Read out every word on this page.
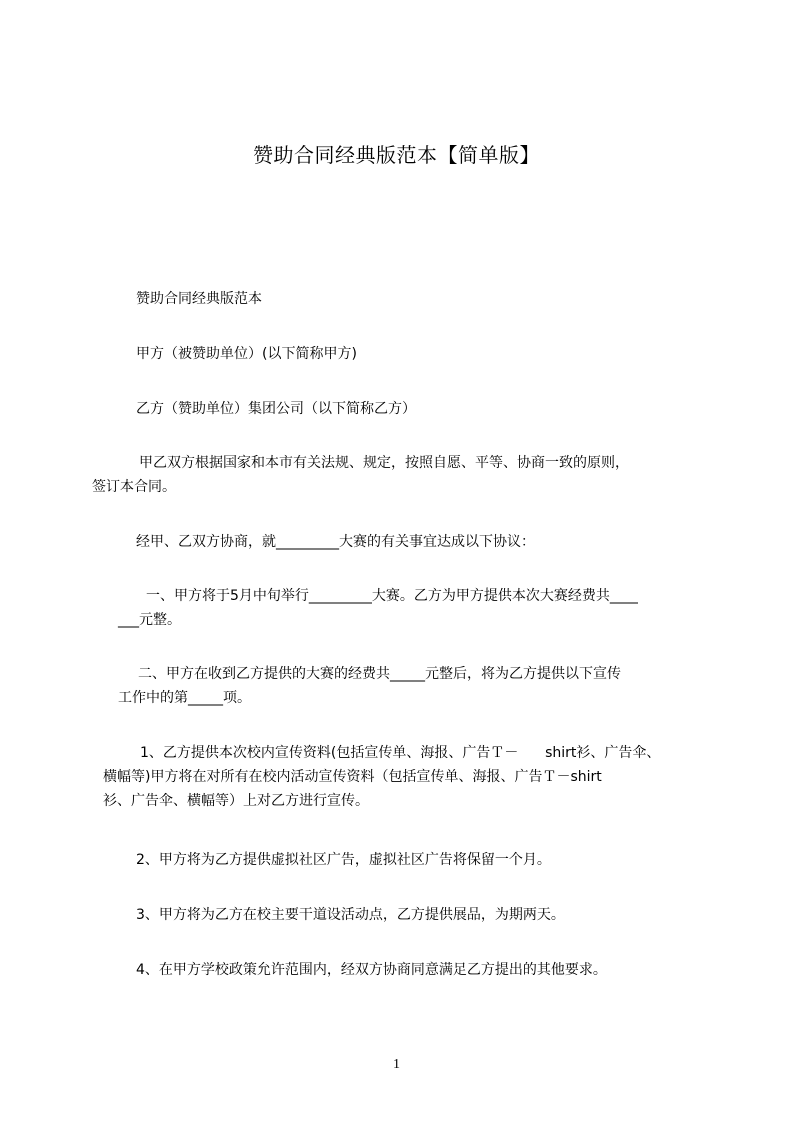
赞助合同经典版范本【简单版】
赞助合同经典版范本
甲方（被赞助单位）(以下简称甲方)
乙方（赞助单位）集团公司（以下简称乙方）
甲乙双方根据国家和本市有关法规、规定，按照自愿、平等、协商一致的原则，
签订本合同。
经甲、乙双方协商，就_________大赛的有关事宜达成以下协议：
一、甲方将于5月中旬举行_________大赛。乙方为甲方提供本次大赛经费共____
___元整。
二、甲方在收到乙方提供的大赛的经费共_____元整后，将为乙方提供以下宣传
工作中的第_____项。
1、乙方提供本次校内宣传资料(包括宣传单、海报、广告Ｔ－      shirt衫、广告伞、
横幅等)甲方将在对所有在校内活动宣传资料（包括宣传单、海报、广告Ｔ－shirt
衫、广告伞、横幅等）上对乙方进行宣传。
2、甲方将为乙方提供虚拟社区广告，虚拟社区广告将保留一个月。
3、甲方将为乙方在校主要干道设活动点，乙方提供展品，为期两天。
4、在甲方学校政策允许范围内，经双方协商同意满足乙方提出的其他要求。
1
